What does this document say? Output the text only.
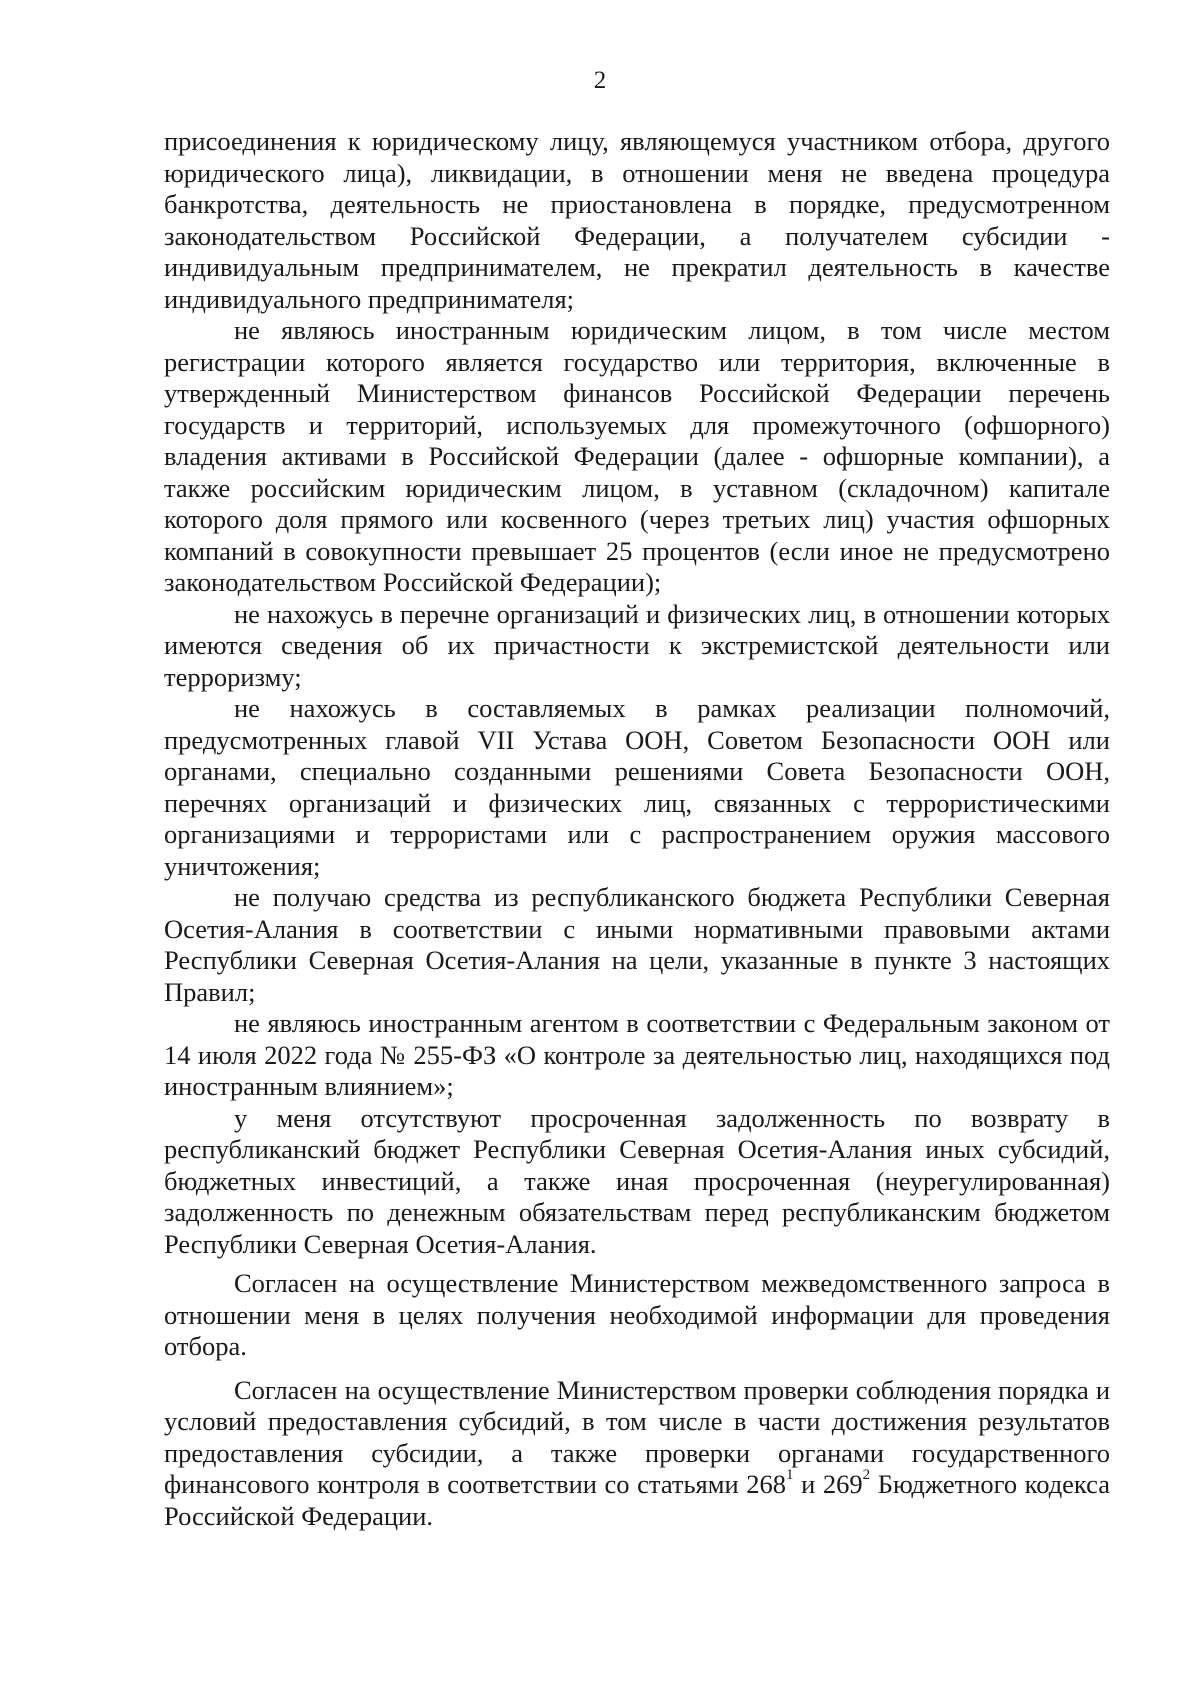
2

присоединения к юридическому лицу, являющемуся участником отбора, другого юридического лица), ликвидации, в отношении меня не введена процедура банкротства, деятельность не приостановлена в порядке, предусмотренном законодательством Российской Федерации, а получателем субсидии - индивидуальным предпринимателем, не прекратил деятельность в качестве индивидуального предпринимателя;

не являюсь иностранным юридическим лицом, в том числе местом регистрации которого является государство или территория, включенные в утвержденный Министерством финансов Российской Федерации перечень государств и территорий, используемых для промежуточного (офшорного) владения активами в Российской Федерации (далее - офшорные компании), а также российским юридическим лицом, в уставном (складочном) капитале которого доля прямого или косвенного (через третьих лиц) участия офшорных компаний в совокупности превышает 25 процентов (если иное не предусмотрено законодательством Российской Федерации);

не нахожусь в перечне организаций и физических лиц, в отношении которых имеются сведения об их причастности к экстремистской деятельности или терроризму;

не нахожусь в составляемых в рамках реализации полномочий, предусмотренных главой VII Устава ООН, Советом Безопасности ООН или органами, специально созданными решениями Совета Безопасности ООН, перечнях организаций и физических лиц, связанных с террористическими организациями и террористами или с распространением оружия массового уничтожения;

не получаю средства из республиканского бюджета Республики Северная Осетия-Алания в соответствии с иными нормативными правовыми актами Республики Северная Осетия-Алания на цели, указанные в пункте 3 настоящих Правил;

не являюсь иностранным агентом в соответствии с Федеральным законом от 14 июля 2022 года № 255-ФЗ «О контроле за деятельностью лиц, находящихся под иностранным влиянием»;

у меня отсутствуют просроченная задолженность по возврату в республиканский бюджет Республики Северная Осетия-Алания иных субсидий, бюджетных инвестиций, а также иная просроченная (неурегулированная) задолженность по денежным обязательствам перед республиканским бюджетом Республики Северная Осетия-Алания.

Согласен на осуществление Министерством межведомственного запроса в отношении меня в целях получения необходимой информации для проведения отбора.

Согласен на осуществление Министерством проверки соблюдения порядка и условий предоставления субсидий, в том числе в части достижения результатов предоставления субсидии, а также проверки органами государственного финансового контроля в соответствии со статьями $268^1$ и $269^2$ Бюджетного кодекса Российской Федерации.
